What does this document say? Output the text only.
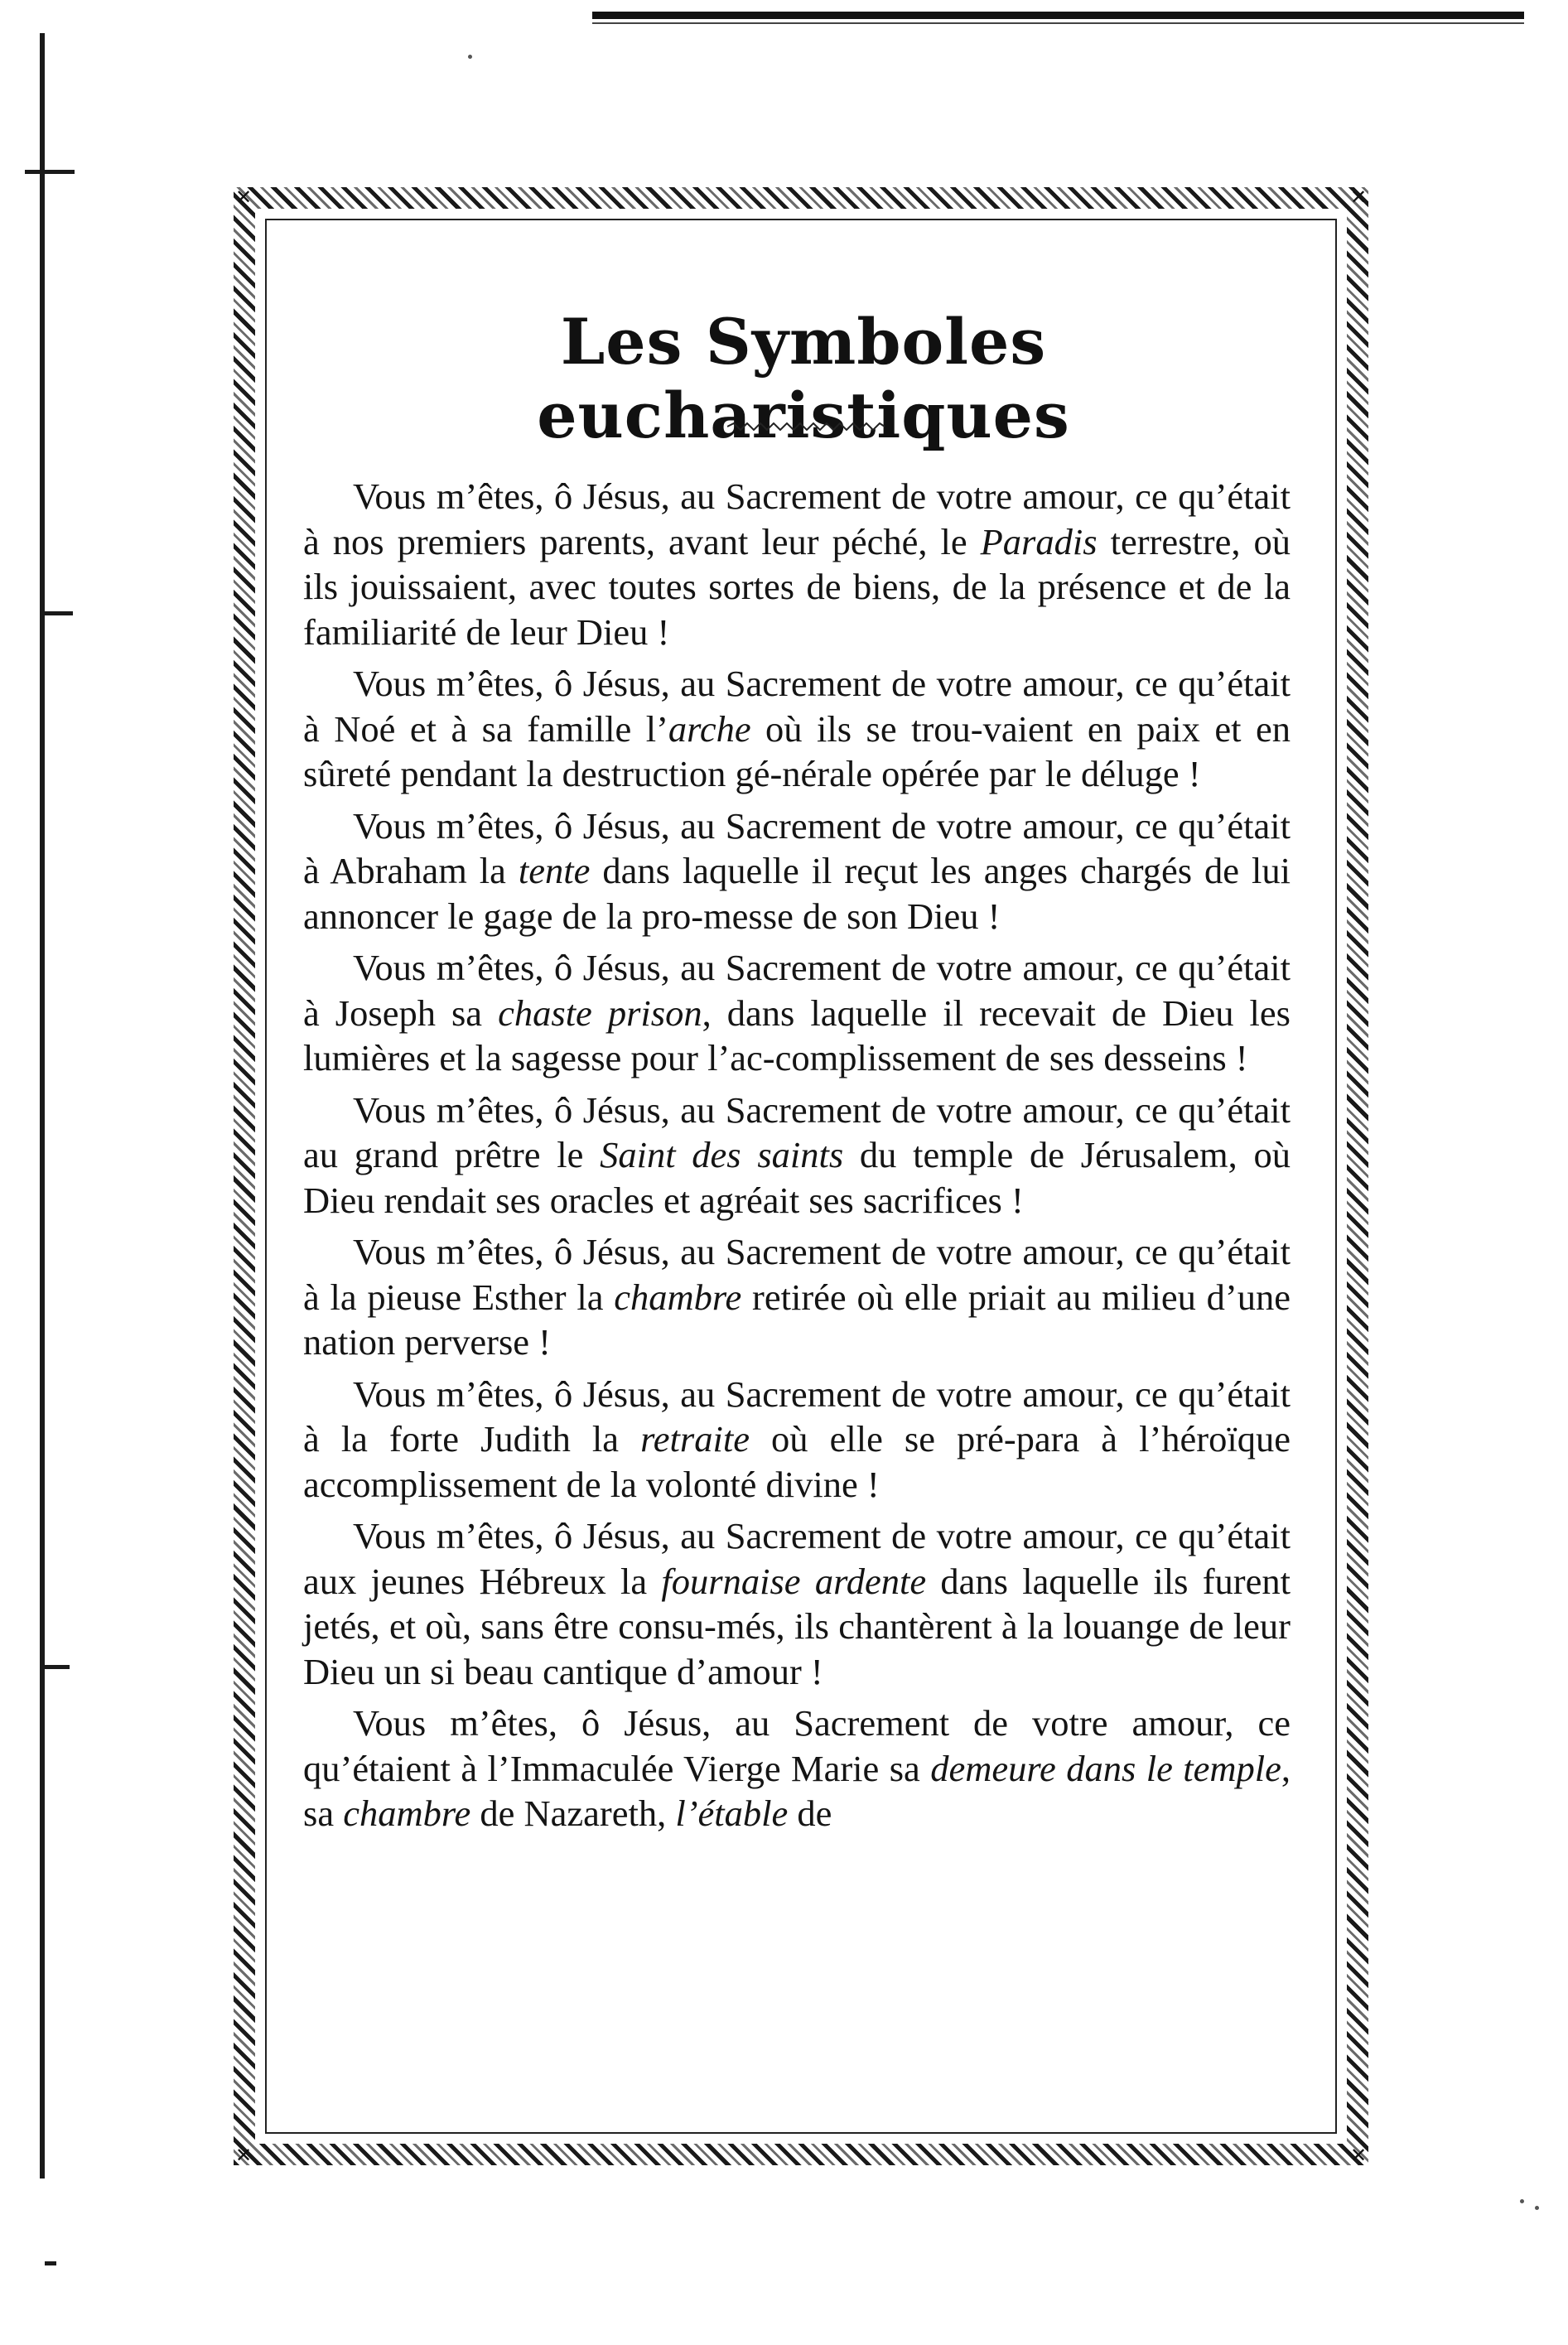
✕	✕
✕	✕
Les Symboles eucharistiques

Vous m’êtes, ô Jésus, au Sacrement de votre amour, ce qu’était à nos premiers parents, avant leur péché, le Paradis terrestre, où ils jouissaient, avec toutes sortes de biens, de la présence et de la familiarité de leur Dieu !

Vous m’êtes, ô Jésus, au Sacrement de votre amour, ce qu’était à Noé et à sa famille l’arche où ils se trou-vaient en paix et en sûreté pendant la destruction gé-nérale opérée par le déluge !

Vous m’êtes, ô Jésus, au Sacrement de votre amour, ce qu’était à Abraham la tente dans laquelle il reçut les anges chargés de lui annoncer le gage de la pro-messe de son Dieu !

Vous m’êtes, ô Jésus, au Sacrement de votre amour, ce qu’était à Joseph sa chaste prison, dans laquelle il recevait de Dieu les lumières et la sagesse pour l’ac-complissement de ses desseins !

Vous m’êtes, ô Jésus, au Sacrement de votre amour, ce qu’était au grand prêtre le Saint des saints du temple de Jérusalem, où Dieu rendait ses oracles et agréait ses sacrifices !

Vous m’êtes, ô Jésus, au Sacrement de votre amour, ce qu’était à la pieuse Esther la chambre retirée où elle priait au milieu d’une nation perverse !

Vous m’êtes, ô Jésus, au Sacrement de votre amour, ce qu’était à la forte Judith la retraite où elle se pré-para à l’héroïque accomplissement de la volonté divine !

Vous m’êtes, ô Jésus, au Sacrement de votre amour, ce qu’était aux jeunes Hébreux la fournaise ardente dans laquelle ils furent jetés, et où, sans être consu-més, ils chantèrent à la louange de leur Dieu un si beau cantique d’amour !

Vous m’êtes, ô Jésus, au Sacrement de votre amour, ce qu’étaient à l’Immaculée Vierge Marie sa demeure dans le temple, sa chambre de Nazareth, l’étable de
